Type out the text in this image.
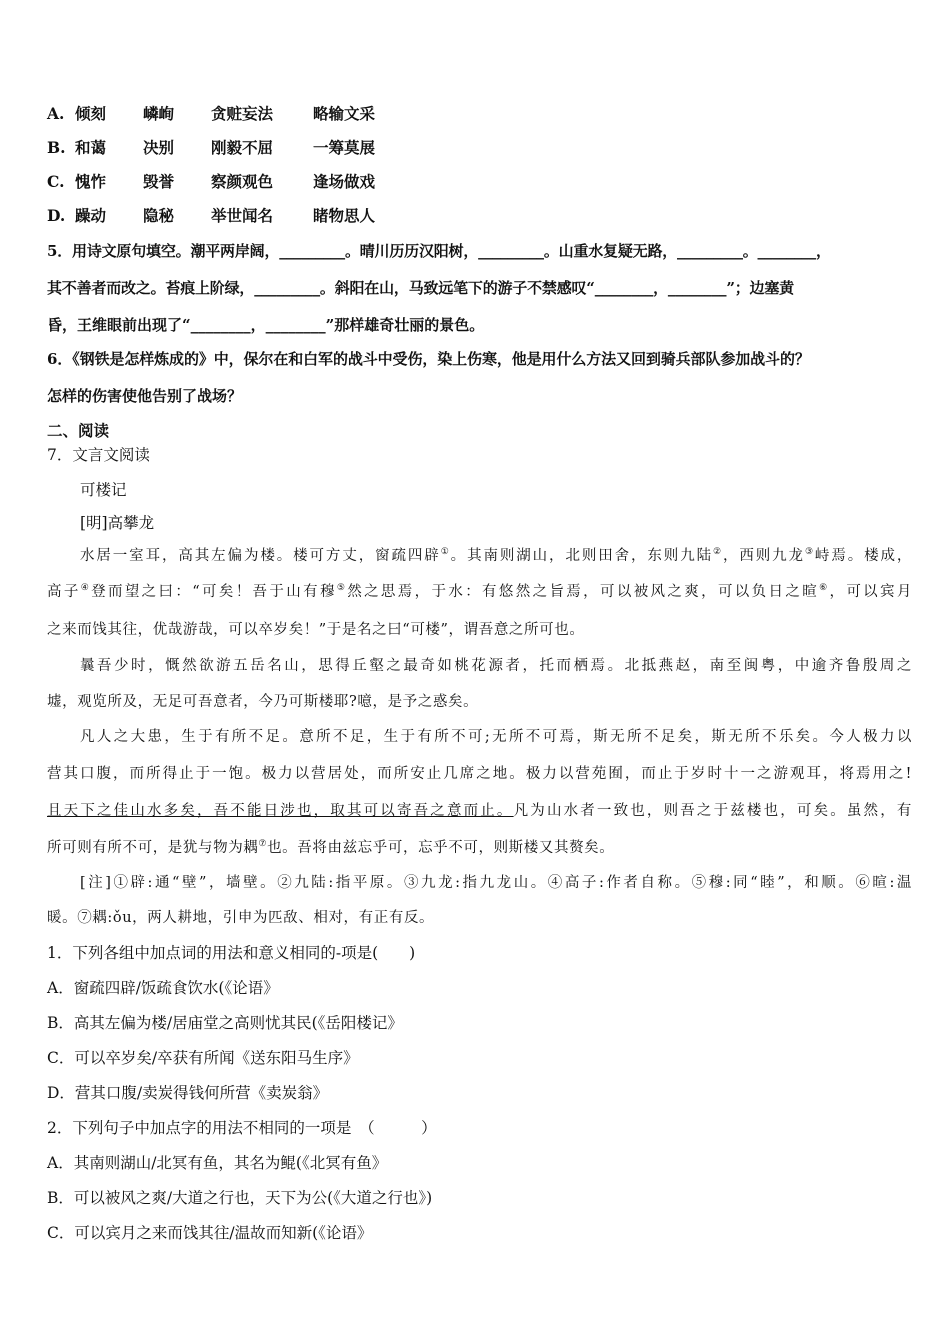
A. 倾刻 嶙峋 贪赃妄法	略输文采
B. 和蔼 决别 刚毅不屈	一筹莫展
C. 愧怍 毁誉 察颜观色	逢场做戏
D. 躁动 隐秘 举世闻名	睹物思人
5．用诗文原句填空。潮平两岸阔，_________。晴川历历汉阳树，_________。山重水复疑无路，_________。________，
其不善者而改之。苔痕上阶绿，_________。斜阳在山，马致远笔下的游子不禁感叹“________，________”；边塞黄
昏，王维眼前出现了“________，________”那样雄奇壮丽的景色。
6．《钢铁是怎样炼成的》中，保尔在和白军的战斗中受伤，染上伤寒，他是用什么方法又回到骑兵部队参加战斗的？
怎样的伤害使他告别了战场？
二、阅读
7．文言文阅读
可楼记
[明]高攀龙
水居一室耳，高其左偏为楼。楼可方丈，窗疏四辟①。其南则湖山，北则田舍，东则九陆②，西则九龙③峙焉。楼成，
高子④登而望之曰：“可矣！吾于山有穆⑤然之思焉，于水：有悠然之旨焉，可以被风之爽，可以负日之暄⑥，可以宾月
之来而饯其往，优哉游哉，可以卒岁矣！”于是名之曰“可楼”，谓吾意之所可也。
曩吾少时，慨然欲游五岳名山，思得丘壑之最奇如桃花源者，托而栖焉。北抵燕赵，南至闽粤，中逾齐鲁殷周之
墟，观览所及，无足可吾意者，今乃可斯楼耶?噫，是予之惑矣。
凡人之大患，生于有所不足。意所不足，生于有所不可;无所不可焉，斯无所不足矣，斯无所不乐矣。今人极力以
营其口腹，而所得止于一饱。极力以营居处，而所安止几席之地。极力以营苑囿，而止于岁时十一之游观耳，将焉用之!
且天下之佳山水多矣，吾不能日涉也，取其可以寄吾之意而止。凡为山水者一致也，则吾之于兹楼也，可矣。虽然，有
所可则有所不可，是犹与物为耦⑦也。吾将由兹忘乎可，忘乎不可，则斯楼又其赘矣。
[注]①辟:通“壁”，墙壁。②九陆:指平原。③九龙:指九龙山。④高子:作者自称。⑤穆:同“睦”，和顺。⑥暄:温
暖。⑦耦:ǒu，两人耕地，引申为匹敌、相对，有正有反。
1．下列各组中加点词的用法和意义相同的-项是(　　)
A．窗疏四辟/饭疏食饮水(《论语》
B．高其左偏为楼/居庙堂之高则忧其民(《岳阳楼记》
C．可以卒岁矣/卒获有所闻《送东阳马生序》
D．营其口腹/卖炭得钱何所营《卖炭翁》
2．下列句子中加点字的用法不相同的一项是　（　　　）
A．其南则湖山/北冥有鱼，其名为鲲(《北冥有鱼》
B．可以被风之爽/大道之行也，天下为公(《大道之行也》)
C．可以宾月之来而饯其往/温故而知新(《论语》
